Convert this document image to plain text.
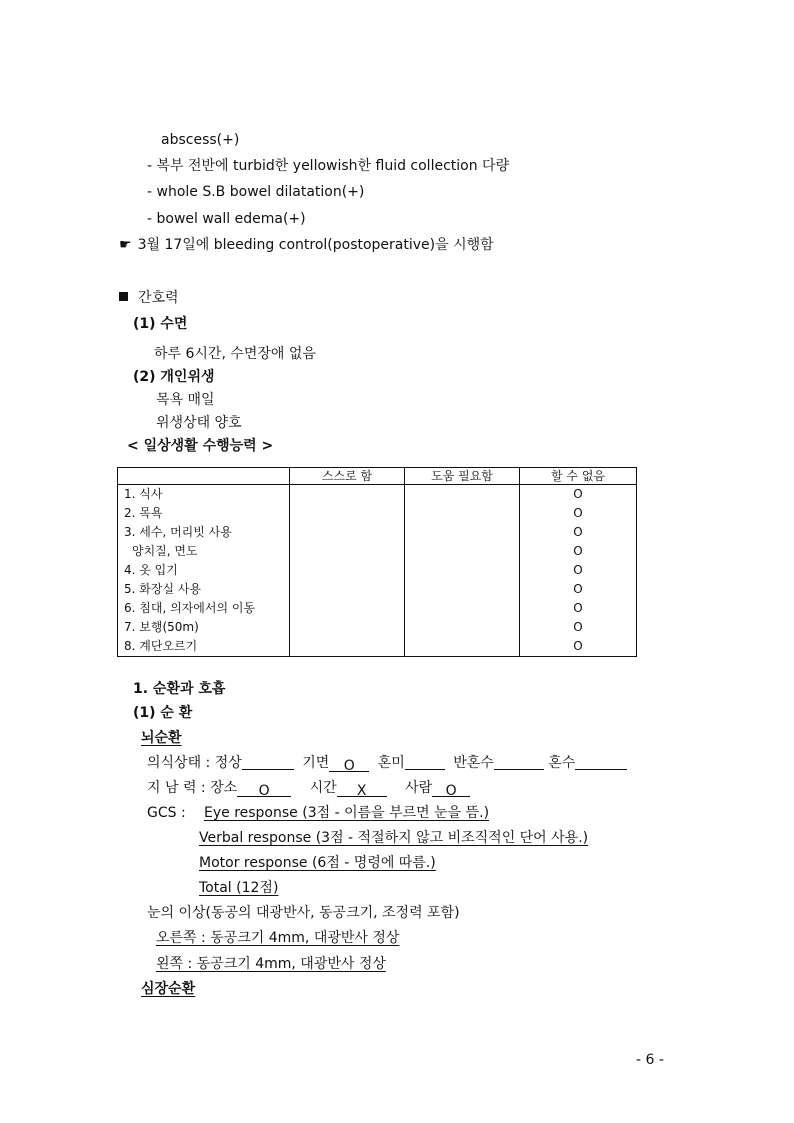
abscess(+)
- 복부 전반에 turbid한 yellowish한 fluid collection 다량
- whole S.B bowel dilatation(+)
- bowel wall edema(+)
☛ 3월 17일에 bleeding control(postoperative)을 시행함
간호력
(1) 수면
하루 6시간, 수면장애 없음
(2) 개인위생
목욕 매일
위생상태 양호
< 일상생활 수행능력 >
	스스로 함	도움 필요함	할 수 없음
1. 식사			O
2. 목욕			O
3. 세수, 머리빗 사용			O
양치질, 면도			O
4. 옷 입기			O
5. 화장실 사용			O
6. 침대, 의자에서의 이동			O
7. 보행(50m)			O
8. 계단오르기			O
1. 순환과 호흡
(1) 순 환
뇌순환
의식상태 : 정상	기면 O 혼미	반혼수	혼수
지 남 력 : 장소 O	시간 X	사람 O
GCS : Eye response (3점 - 이름을 부르면 눈을 뜸.)
Verbal response (3점 - 적절하지 않고 비조직적인 단어 사용.)
Motor response (6점 - 명령에 따름.)
Total (12점)
눈의 이상(동공의 대광반사, 동공크기, 조정력 포함)
오른쪽 : 동공크기 4mm, 대광반사 정상
왼쪽 : 동공크기 4mm, 대광반사 정상
심장순환
- 6 -
